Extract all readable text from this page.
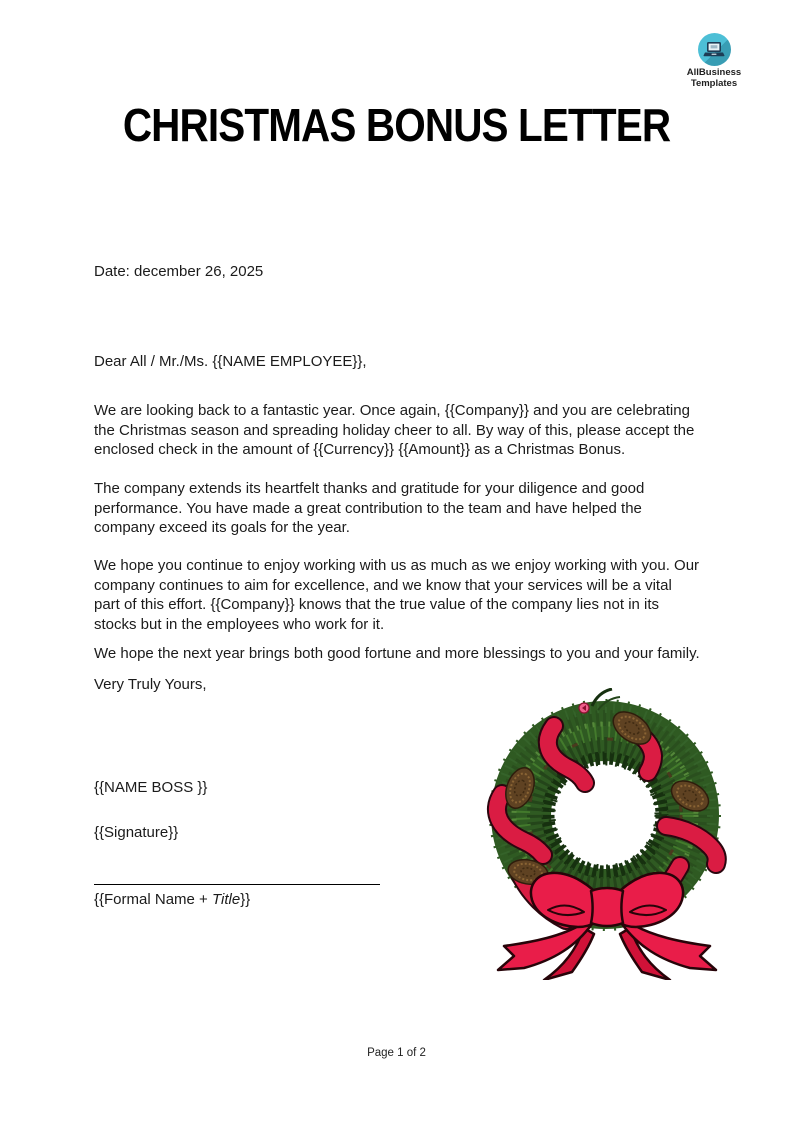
AllBusiness
Templates
CHRISTMAS BONUS LETTER
Date: december 26, 2025
Dear All / Mr./Ms. {{NAME EMPLOYEE}},
We are looking back to a fantastic year. Once again, {{Company}} and you are celebrating the Christmas season and spreading holiday cheer to all. By way of this, please accept the enclosed check in the amount of {{Currency}} {{Amount}} as a Christmas Bonus.
The company extends its heartfelt thanks and gratitude for your diligence and good performance. You have made a great contribution to the team and have helped the company exceed its goals for the year.
We hope you continue to enjoy working with us as much as we enjoy working with you. Our company continues to aim for excellence, and we know that your services will be a vital part of this effort. {{Company}} knows that the true value of the company lies not in its stocks but in the employees who work for it.
We hope the next year brings both good fortune and more blessings to you and your family.
Very Truly Yours,
{{NAME BOSS }}
{{Signature}}
{{Formal Name + Title}}
Page 1 of 2
